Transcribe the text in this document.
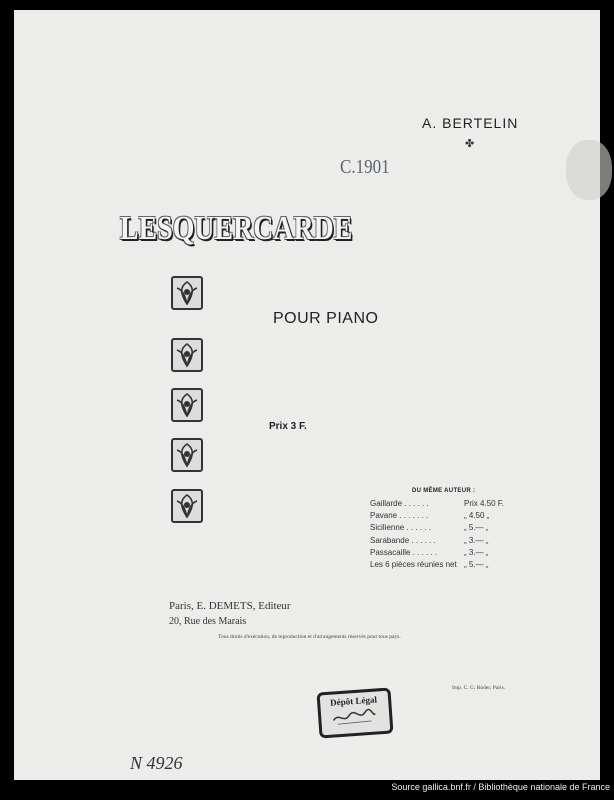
A. BERTELIN
✤
C.1901
LESQUERCARDE
POUR PIANO
Prix 3 F.
DU MÊME AUTEUR :
Gaillarde . . . . . .	Prix 4.50 F.
Pavane . . . . . . .	„ 4.50 „
Sicilienne . . . . . .	„ 5.— „
Sarabande . . . . . .	„ 3.— „
Passacaille . . . . . .	„ 3.— „
Les 6 pièces réunies net „ 5.— „
Paris, E. DEMETS, Editeur
20, Rue des Marais
Tous droits d'exécution, de reproduction et d'arrangements réservés pour tous pays.
Imp. C. G. Röder, Paris.
Dépôt Légal
N 4926
Source gallica.bnf.fr / Bibliothèque nationale de France
